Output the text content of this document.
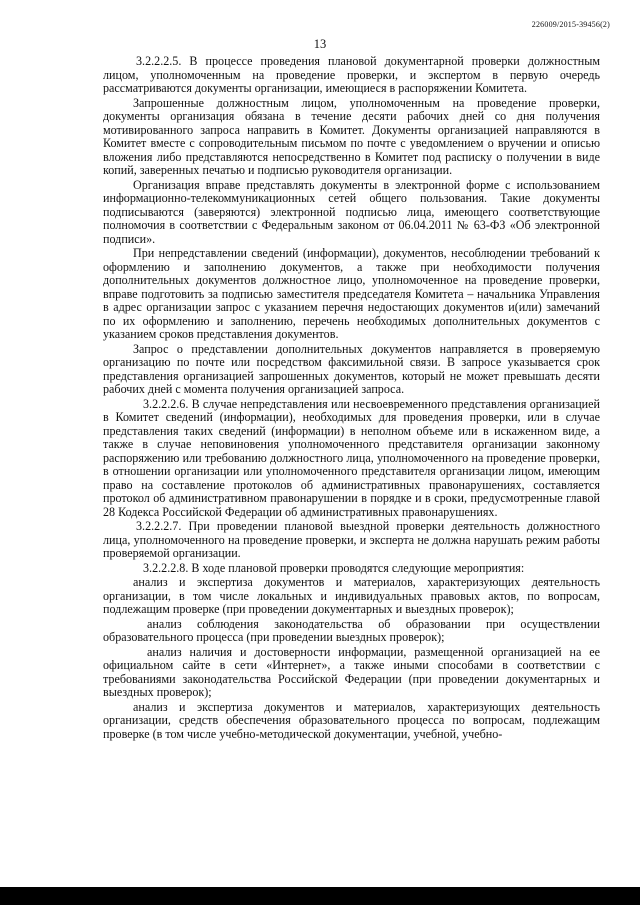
226009/2015-39456(2)
13

3.2.2.2.5. В процессе проведения плановой документарной проверки должностным лицом, уполномоченным на проведение проверки, и экспертом в первую очередь рассматриваются документы организации, имеющиеся в распоряжении Комитета.

Запрошенные должностным лицом, уполномоченным на проведение проверки, документы организация обязана в течение десяти рабочих дней со дня получения мотивированного запроса направить в Комитет. Документы организацией направляются в Комитет вместе с сопроводительным письмом по почте с уведомлением о вручении и описью вложения либо представляются непосредственно в Комитет под расписку о получении в виде копий, заверенных печатью и подписью руководителя организации.

Организация вправе представлять документы в электронной форме с использованием информационно-телекоммуникационных сетей общего пользования. Такие документы подписываются (заверяются) электронной подписью лица, имеющего соответствующие полномочия в соответствии с Федеральным законом от 06.04.2011 № 63-ФЗ «Об электронной подписи».

При непредставлении сведений (информации), документов, несоблюдении требований к оформлению и заполнению документов, а также при необходимости получения дополнительных документов должностное лицо, уполномоченное на проведение проверки, вправе подготовить за подписью заместителя председателя Комитета – начальника Управления в адрес организации запрос с указанием перечня недостающих документов и(или) замечаний по их оформлению и заполнению, перечень необходимых дополнительных документов с указанием сроков представления документов.

Запрос о представлении дополнительных документов направляется в проверяемую организацию по почте или посредством факсимильной связи. В запросе указывается срок представления организацией запрошенных документов, который не может превышать десяти рабочих дней с момента получения организацией запроса.

3.2.2.2.6. В случае непредставления или несвоевременного представления организацией в Комитет сведений (информации), необходимых для проведения проверки, или в случае представления таких сведений (информации) в неполном объеме или в искаженном виде, а также в случае неповиновения уполномоченного представителя организации законному распоряжению или требованию должностного лица, уполномоченного на проведение проверки, в отношении организации или уполномоченного представителя организации лицом, имеющим право на составление протоколов об административных правонарушениях, составляется протокол об административном правонарушении в порядке и в сроки, предусмотренные главой 28 Кодекса Российской Федерации об административных правонарушениях.

3.2.2.2.7. При проведении плановой выездной проверки деятельность должностного лица, уполномоченного на проведение проверки, и эксперта не должна нарушать режим работы проверяемой организации.

3.2.2.2.8. В ходе плановой проверки проводятся следующие мероприятия:

анализ и экспертиза документов и материалов, характеризующих деятельность организации, в том числе локальных и индивидуальных правовых актов, по вопросам, подлежащим проверке (при проведении документарных и выездных проверок);

анализ соблюдения законодательства об образовании при осуществлении образовательного процесса (при проведении выездных проверок);

анализ наличия и достоверности информации, размещенной организацией на ее официальном сайте в сети «Интернет», а также иными способами в соответствии с требованиями законодательства Российской Федерации (при проведении документарных и выездных проверок);

анализ и экспертиза документов и материалов, характеризующих деятельность организации, средств обеспечения образовательного процесса по вопросам, подлежащим проверке (в том числе учебно-методической документации, учебной, учебно-
